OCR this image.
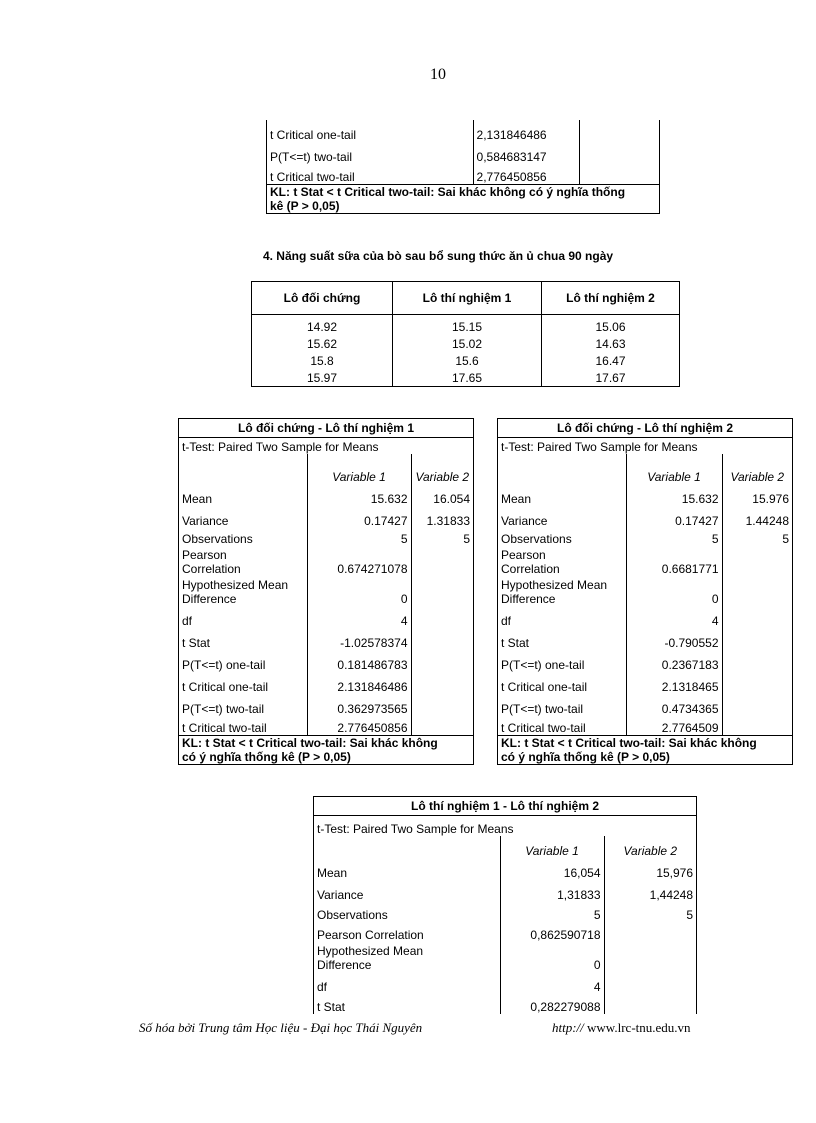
10
t Critical one-tail	2,131846486	
P(T<=t) two-tail	0,584683147	
t Critical two-tail	2,776450856	
KL: t Stat < t Critical two-tail: Sai khác không có ý nghĩa thống kê (P > 0,05)		
4. Năng suất sữa của bò sau bổ sung thức ăn ủ chua 90 ngày
Lô đối chứng	Lô thí nghiệm 1	Lô thí nghiệm 2
14.92	15.15	15.06
15.62	15.02	14.63
15.8	15.6	16.47
15.97	17.65	17.67
Lô đối chứng - Lô thí nghiệm 1		
t-Test: Paired Two Sample for Means		
	Variable 1	Variable 2
Mean	15.632	16.054
Variance	0.17427	1.31833
Observations	5	5
Pearson Correlation	0.674271078	
Hypothesized Mean Difference	0	
df	4	
t Stat	-1.02578374	
P(T<=t) one-tail	0.181486783	
t Critical one-tail	2.131846486	
P(T<=t) two-tail	0.362973565	
t Critical two-tail	2.776450856	
KL: t Stat < t Critical two-tail: Sai khác không có ý nghĩa thống kê (P > 0,05)		
Lô đối chứng - Lô thí nghiệm 2		
t-Test: Paired Two Sample for Means		
	Variable 1	Variable 2
Mean	15.632	15.976
Variance	0.17427	1.44248
Observations	5	5
Pearson Correlation	0.6681771	
Hypothesized Mean Difference	0	
df	4	
t Stat	-0.790552	
P(T<=t) one-tail	0.2367183	
t Critical one-tail	2.1318465	
P(T<=t) two-tail	0.4734365	
t Critical two-tail	2.7764509	
KL: t Stat < t Critical two-tail: Sai khác không có ý nghĩa thống kê (P > 0,05)		
Lô thí nghiệm 1 - Lô thí nghiệm 2		
t-Test: Paired Two Sample for Means		
	Variable 1	Variable 2
Mean	16,054	15,976
Variance	1,31833	1,44248
Observations	5	5
Pearson Correlation	0,862590718	
Hypothesized Mean Difference	0	
df	4	
t Stat	0,282279088	
Số hóa bởi Trung tâm Học liệu - Đại học Thái Nguyên	http:// www.lrc-tnu.edu.vn
